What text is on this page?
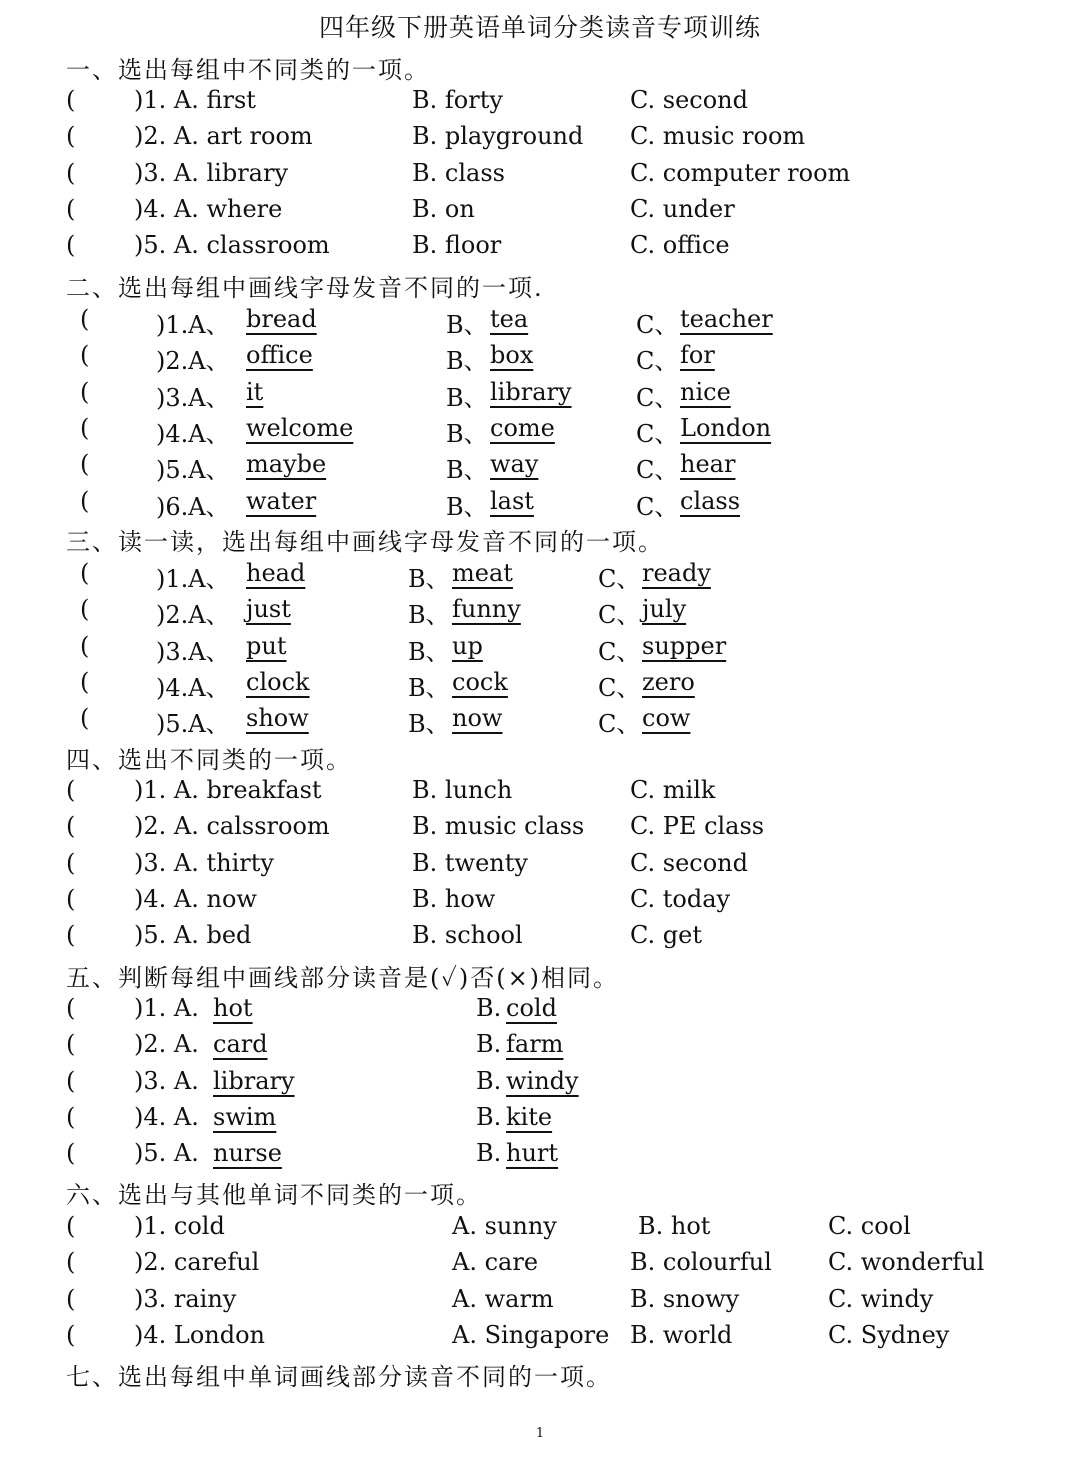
四年级下册英语单词分类读音专项训练
1
一、选出每组中不同类的一项。
( )1. A. first	B. forty	C. second
( )2. A. art room	B. playground C. music room
( )3. A. library	B. class	C. computer room
( )4. A. where	B. on	C. under
( )5. A. classroom	B. floor	C. office
二、选出每组中画线字母发音不同的一项.
(	)1.A、 bread	B、 tea	C、 teacher
(	)2.A、 office	B、 box	C、 for
(	)3.A、 it	B、 library	C、 nice
(	)4.A、 welcome	B、 come	C、 London
(	)5.A、 maybe	B、 way	C、 hear
(	)6.A、 water	B、 last	C、 class
三、读一读，选出每组中画线字母发音不同的一项。
(	)1.A、 head	B、 meat	C、 ready
(	)2.A、 just	B、 funny	C、 july
(	)3.A、 put	B、 up	C、 supper
(	)4.A、 clock	B、 cock	C、 zero
(	)5.A、 show	B、 now	C、 cow
四、选出不同类的一项。
( )1. A. breakfast	B. lunch	C. milk
( )2. A. calssroom	B. music class C. PE class
( )3. A. thirty	B. twenty	C. second
( )4. A. now	B. how	C. today
( )5. A. bed	B. school	C. get
五、判断每组中画线部分读音是(✓)否(×)相同。
( )1. A. hot	B. cold
( )2. A. card	B. farm
( )3. A. library	B. windy
( )4. A. swim	B. kite
( )5. A. nurse	B. hurt
六、选出与其他单词不同类的一项。
( )1. cold	A. sunny	B. hot	C. cool
( )2. careful	A. care	B. colourful C. wonderful
( )3. rainy	A. warm	B. snowy	C. windy
( )4. London	A. Singapore B. world	C. Sydney
七、选出每组中单词画线部分读音不同的一项。
